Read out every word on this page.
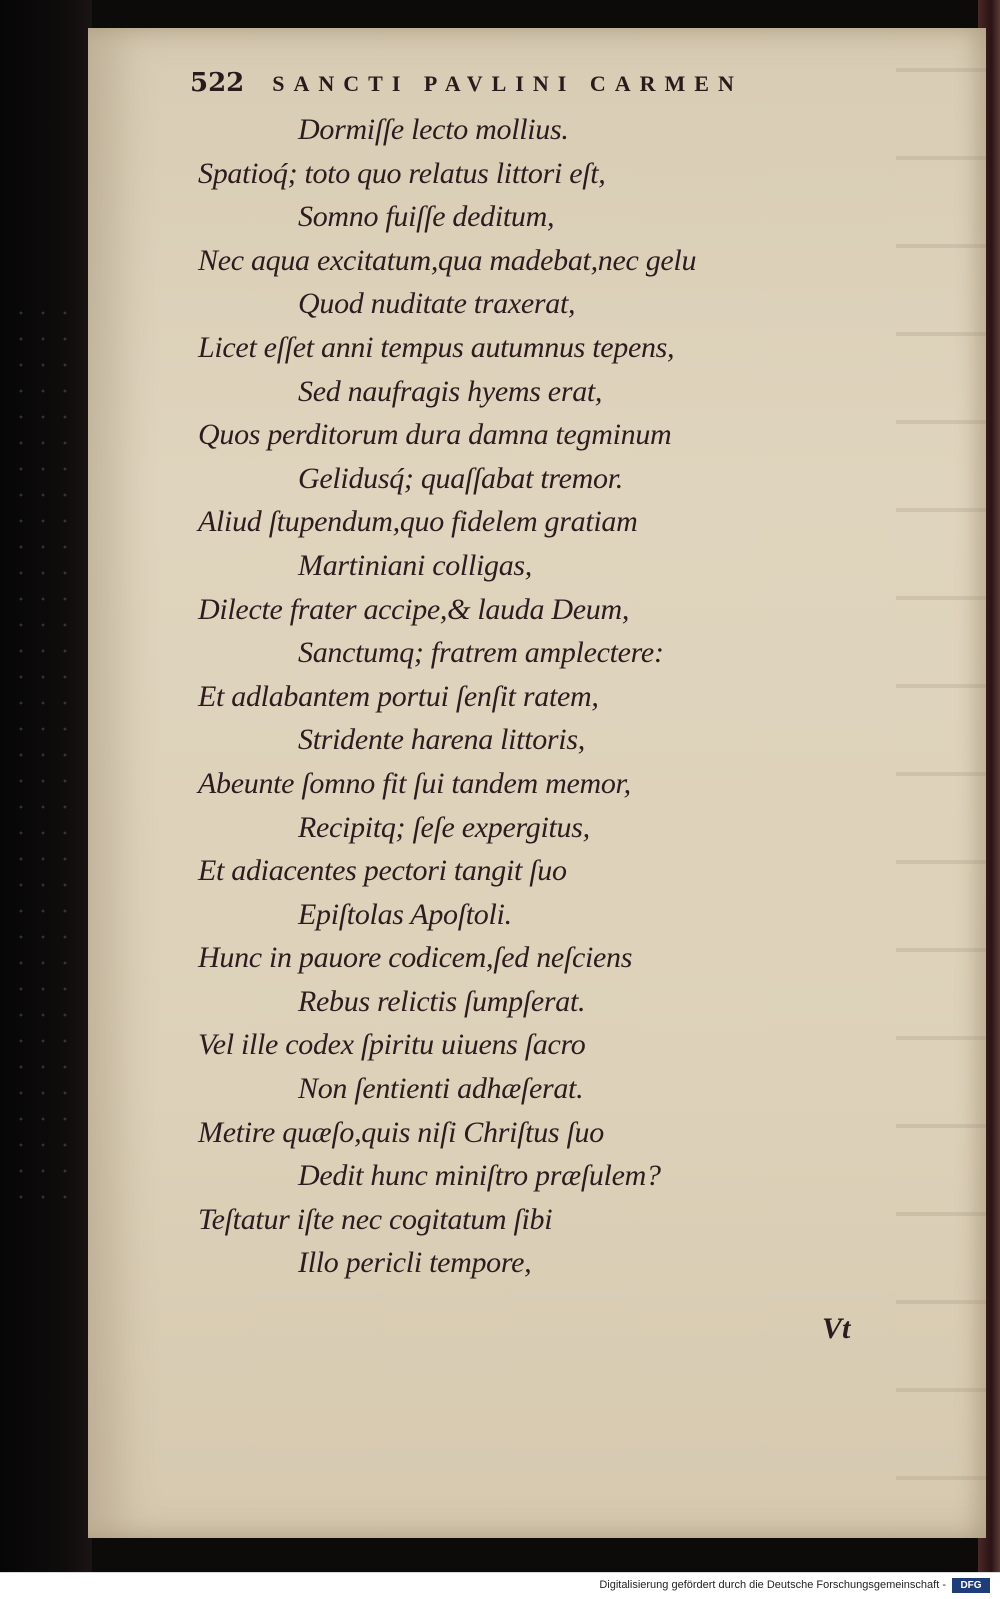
522 SANCTI PAVLINI CARMEN
Dormiſſe lecto mollius.
Spatioq́; toto quo relatus littori eſt,
Somno fuiſſe deditum,
Nec aqua excitatum,qua madebat,nec gelu
Quod nuditate traxerat,
Licet eſſet anni tempus autumnus tepens,
Sed naufragis hyems erat,
Quos perditorum dura damna tegminum
Gelidusq́; quaſſabat tremor.
Aliud ſtupendum,quo fidelem gratiam
Martiniani colligas,
Dilecte frater accipe,& lauda Deum,
Sanctumq; fratrem amplectere:
Et adlabantem portui ſenſit ratem,
Stridente harena littoris,
Abeunte ſomno fit ſui tandem memor,
Recipitq; ſeſe expergitus,
Et adiacentes pectori tangit ſuo
Epiſtolas Apoſtoli.
Hunc in pauore codicem,ſed neſciens
Rebus relictis ſumpſerat.
Vel ille codex ſpiritu uiuens ſacro
Non ſentienti adhæſerat.
Metire quæſo,quis niſi Chriſtus ſuo
Dedit hunc miniſtro præſulem?
Teſtatur iſte nec cogitatum ſibi
Illo pericli tempore,
Vt
Digitalisierung gefördert durch die Deutsche Forschungsgemeinschaft -	DFG
